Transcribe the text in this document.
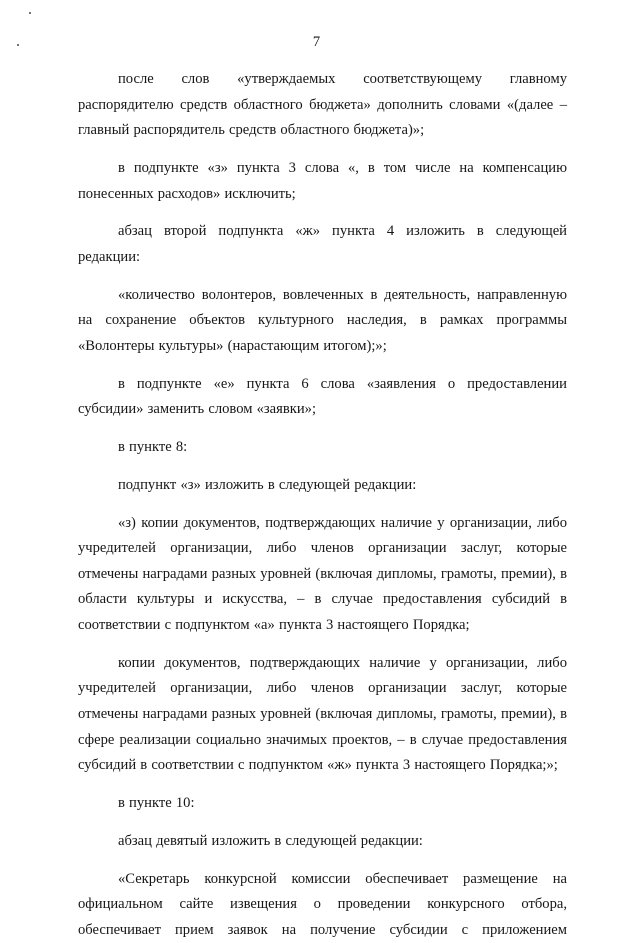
7

после слов «утверждаемых соответствующему главному распорядителю средств областного бюджета» дополнить словами «(далее – главный распорядитель средств областного бюджета)»;

в подпункте «з» пункта 3 слова «, в том числе на компенсацию понесенных расходов» исключить;

абзац второй подпункта «ж» пункта 4 изложить в следующей редакции:

«количество волонтеров, вовлеченных в деятельность, направленную на сохранение объектов культурного наследия, в рамках программы «Волонтеры культуры» (нарастающим итогом);»;

в подпункте «е» пункта 6 слова «заявления о предоставлении субсидии» заменить словом «заявки»;

в пункте 8:

подпункт «з» изложить в следующей редакции:

«з) копии документов, подтверждающих наличие у организации, либо учредителей организации, либо членов организации заслуг, которые отмечены наградами разных уровней (включая дипломы, грамоты, премии), в области культуры и искусства, – в случае предоставления субсидий в соответствии с подпунктом «а» пункта 3 настоящего Порядка;

копии документов, подтверждающих наличие у организации, либо учредителей организации, либо членов организации заслуг, которые отмечены наградами разных уровней (включая дипломы, грамоты, премии), в сфере реализации социально значимых проектов, – в случае предоставления субсидий в соответствии с подпунктом «ж» пункта 3 настоящего Порядка;»;

в пункте 10:

абзац девятый изложить в следующей редакции:

«Секретарь конкурсной комиссии обеспечивает размещение на официальном сайте извещения о проведении конкурсного отбора, обеспечивает прием заявок на получение субсидии с приложением
